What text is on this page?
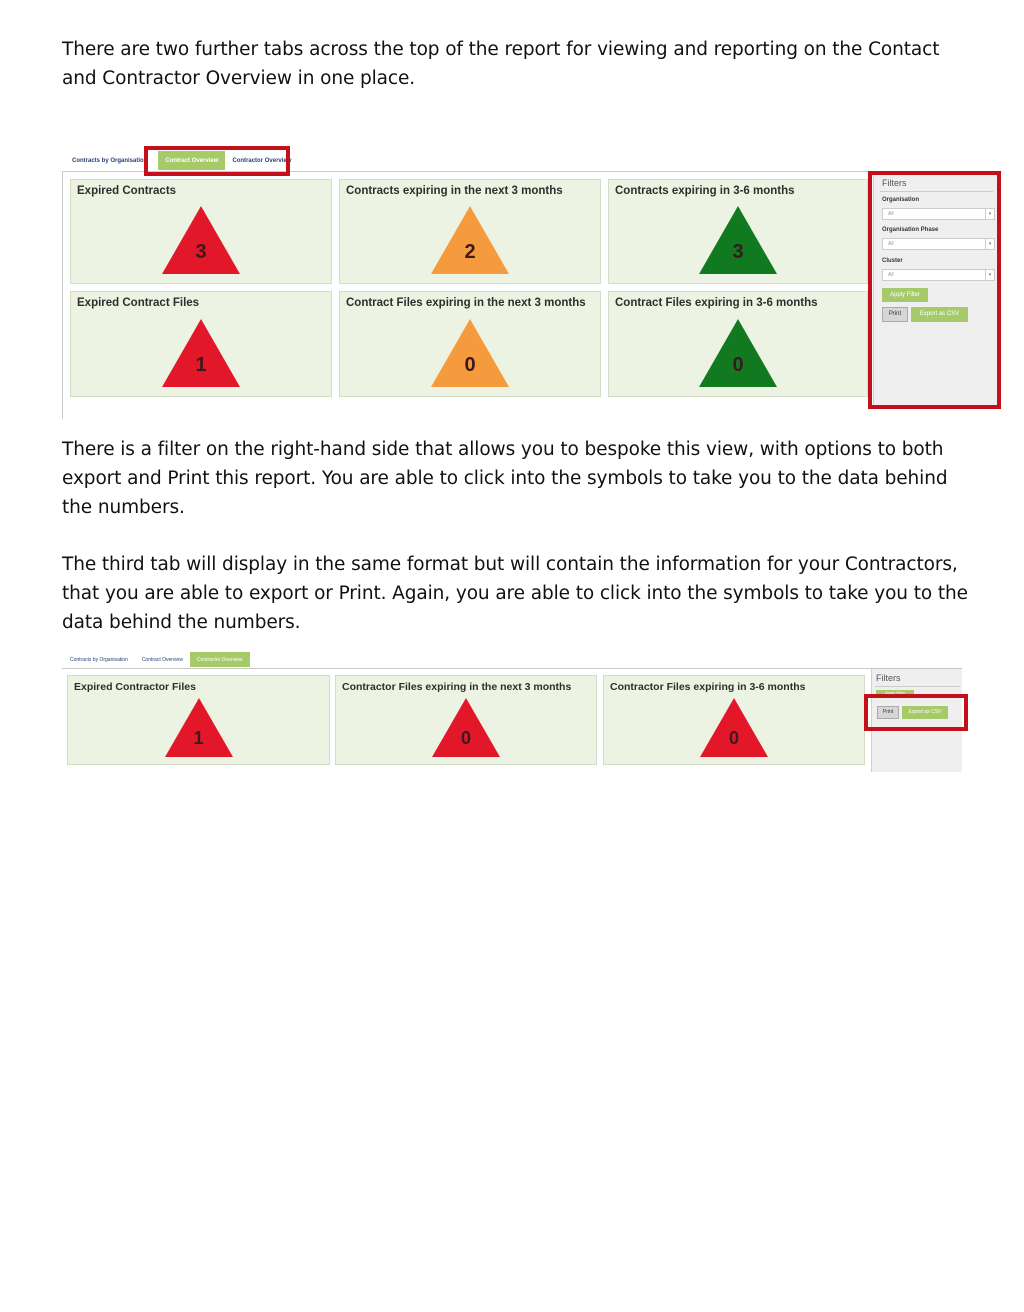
There are two further tabs across the top of the report for viewing and reporting on the Contact and Contractor Overview in one place.

Contracts by Organisation	Contract Overview	Contractor Overview
Expired Contracts
3
Contracts expiring in the next 3 months
2
Contracts expiring in 3-6 months
3
Expired Contract Files
1
Contract Files expiring in the next 3 months
0
Contract Files expiring in 3-6 months
0
Filters
Organisation
All	▾
Organisation Phase
All	▾
Cluster
All	▾
Apply Filter
Print	Export as CSV

There is a filter on the right-hand side that allows you to bespoke this view, with options to both export and Print this report. You are able to click into the symbols to take you to the data behind the numbers.

The third tab will display in the same format but will contain the information for your Contractors, that you are able to export or Print. Again, you are able to click into the symbols to take you to the data behind the numbers.

Contracts by Organisation	Contract Overview	Contractor Overview
Expired Contractor Files
1
Contractor Files expiring in the next 3 months
0
Contractor Files expiring in 3-6 months
0
Filters
Apply Filter
Print	Export as CSV
